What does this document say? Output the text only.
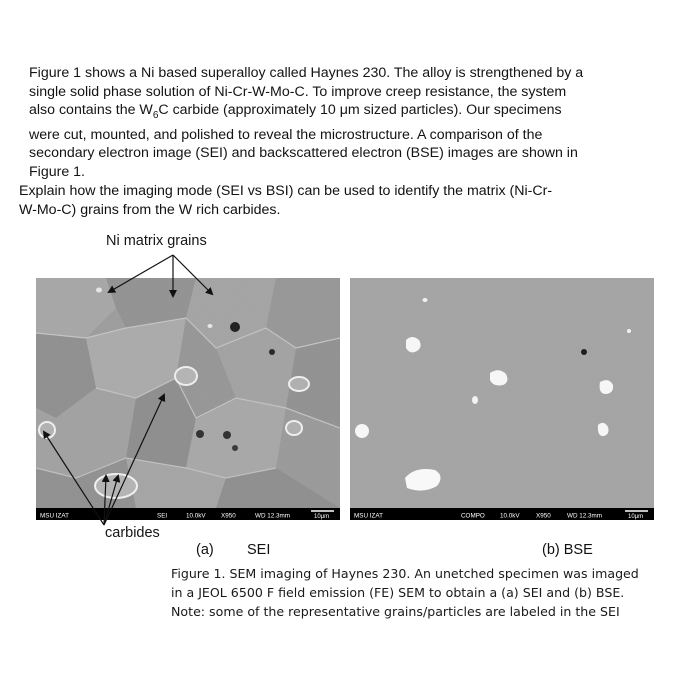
Figure 1 shows a Ni based superalloy called Haynes 230. The alloy is strengthened by a

single solid phase solution of Ni-Cr-W-Mo-C. To improve creep resistance, the system

also contains the $W_6C$ carbide (approximately 10 μm sized particles). Our specimens

were cut, mounted, and polished to reveal the microstructure. A comparison of the

secondary electron image (SEI) and backscattered electron (BSE) images are shown in

Figure 1.

Explain how the imaging mode (SEI vs BSI) can be used to identify the matrix (Ni-Cr-
W-Mo-C) grains from the W rich carbides.
Ni matrix grains
MSU IZAT	SEI	10.0kV X950	WD 12.3mm	10μm	MSU IZAT	COMPO 10.0kV	X950	WD 12.3mm	10μm
carbides
(a) SEI	(b) BSE

Figure 1. SEM imaging of Haynes 230. An unetched specimen was imaged

in a JEOL 6500 F field emission (FE) SEM to obtain a (a) SEI and (b) BSE.

Note: some of the representative grains/particles are labeled in the SEI
